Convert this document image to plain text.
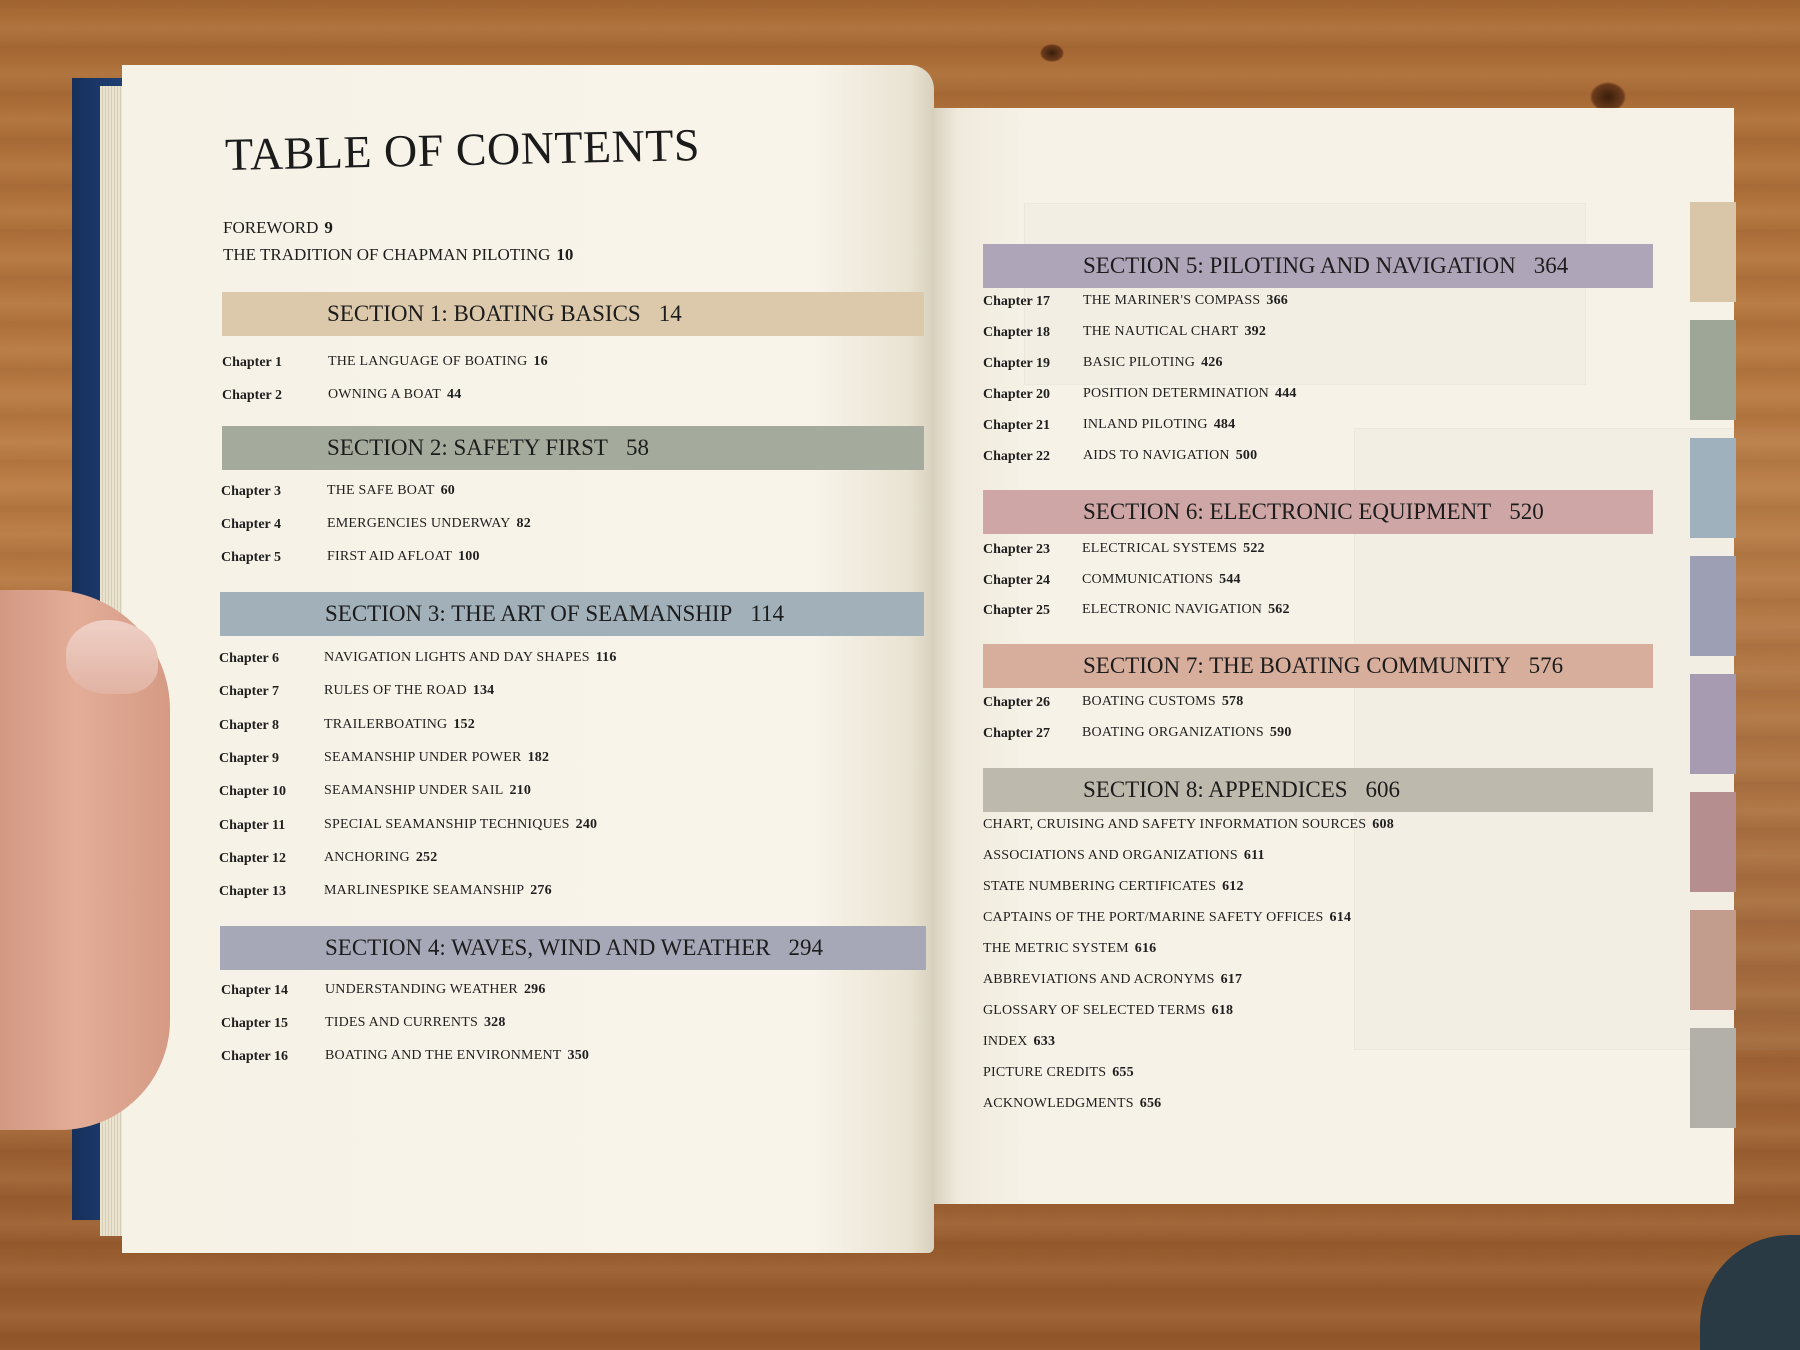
TABLE OF CONTENTS
FOREWORD 9
THE TRADITION OF CHAPMAN PILOTING 10
SECTION 1: BOATING BASICS 14
Chapter 1	THE LANGUAGE OF BOATING 16
Chapter 2	OWNING A BOAT 44
SECTION 2: SAFETY FIRST 58
Chapter 3	THE SAFE BOAT 60
Chapter 4	EMERGENCIES UNDERWAY 82
Chapter 5	FIRST AID AFLOAT 100
SECTION 3: THE ART OF SEAMANSHIP 114
Chapter 6	NAVIGATION LIGHTS AND DAY SHAPES 116
Chapter 7	RULES OF THE ROAD 134
Chapter 8	TRAILERBOATING 152
Chapter 9	SEAMANSHIP UNDER POWER 182
Chapter 10	SEAMANSHIP UNDER SAIL 210
Chapter 11	SPECIAL SEAMANSHIP TECHNIQUES 240
Chapter 12	ANCHORING 252
Chapter 13	MARLINESPIKE SEAMANSHIP 276
SECTION 4: WAVES, WIND AND WEATHER 294
Chapter 14	UNDERSTANDING WEATHER 296
Chapter 15	TIDES AND CURRENTS 328
Chapter 16	BOATING AND THE ENVIRONMENT 350
SECTION 5: PILOTING AND NAVIGATION 364
Chapter 17 THE MARINER'S COMPASS 366
Chapter 18 THE NAUTICAL CHART 392
Chapter 19 BASIC PILOTING 426
Chapter 20 POSITION DETERMINATION 444
Chapter 21 INLAND PILOTING 484
Chapter 22 AIDS TO NAVIGATION 500
SECTION 6: ELECTRONIC EQUIPMENT 520
Chapter 23 ELECTRICAL SYSTEMS 522
Chapter 24 COMMUNICATIONS 544
Chapter 25 ELECTRONIC NAVIGATION 562
SECTION 7: THE BOATING COMMUNITY 576
Chapter 26 BOATING CUSTOMS 578
Chapter 27 BOATING ORGANIZATIONS 590
SECTION 8: APPENDICES 606
CHART, CRUISING AND SAFETY INFORMATION SOURCES 608
ASSOCIATIONS AND ORGANIZATIONS 611
STATE NUMBERING CERTIFICATES 612
CAPTAINS OF THE PORT/MARINE SAFETY OFFICES 614
THE METRIC SYSTEM 616
ABBREVIATIONS AND ACRONYMS 617
GLOSSARY OF SELECTED TERMS 618
INDEX 633
PICTURE CREDITS 655
ACKNOWLEDGMENTS 656
